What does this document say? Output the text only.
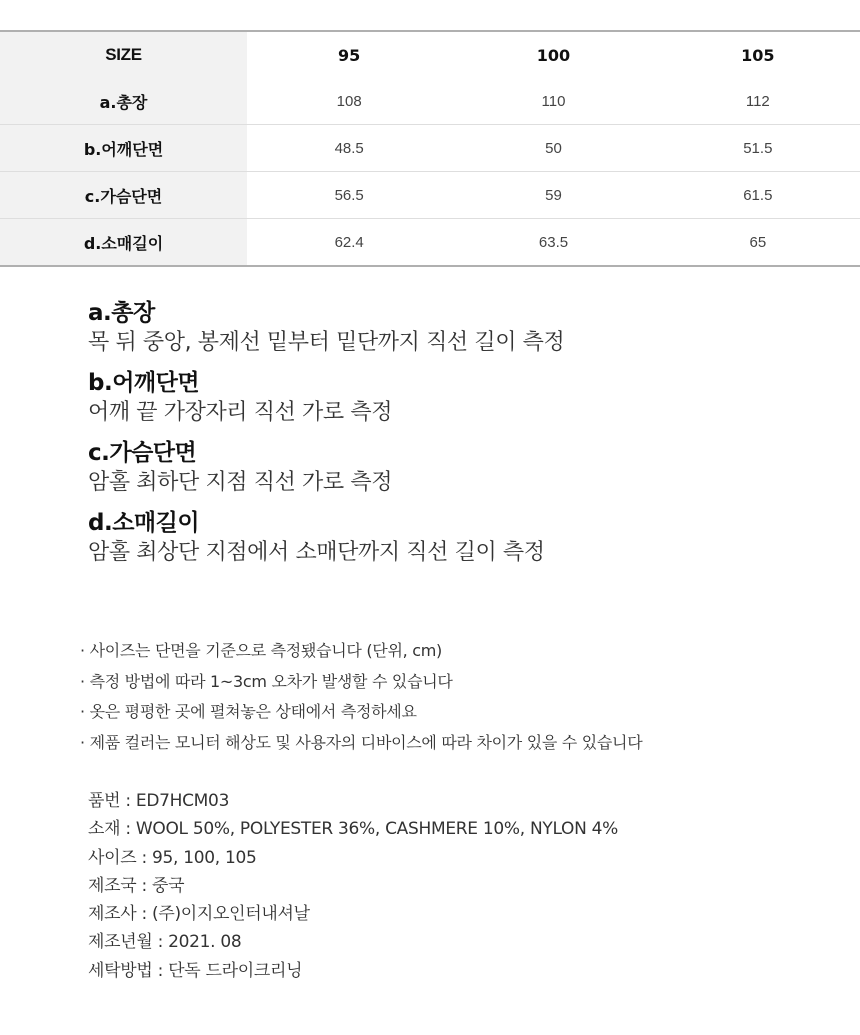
SIZE	95	100	105
a.총장	108	110	112
b.어깨단면	48.5	50	51.5
c.가슴단면	56.5	59	61.5
d.소매길이	62.4	63.5	65
a.총장
목 뒤 중앙, 봉제선 밑부터 밑단까지 직선 길이 측정
b.어깨단면
어깨 끝 가장자리 직선 가로 측정
c.가슴단면
암홀 최하단 지점 직선 가로 측정
d.소매길이
암홀 최상단 지점에서 소매단까지 직선 길이 측정
· 사이즈는 단면을 기준으로 측정됐습니다 (단위, cm)
· 측정 방법에 따라 1~3cm 오차가 발생할 수 있습니다
· 옷은 평평한 곳에 펼쳐놓은 상태에서 측정하세요
· 제품 컬러는 모니터 해상도 및 사용자의 디바이스에 따라 차이가 있을 수 있습니다
품번 : ED7HCM03
소재 : WOOL 50%, POLYESTER 36%, CASHMERE 10%, NYLON 4%
사이즈 : 95, 100, 105
제조국 : 중국
제조사 : (주)이지오인터내셔날
제조년월 : 2021. 08
세탁방법 : 단독 드라이크리닝
